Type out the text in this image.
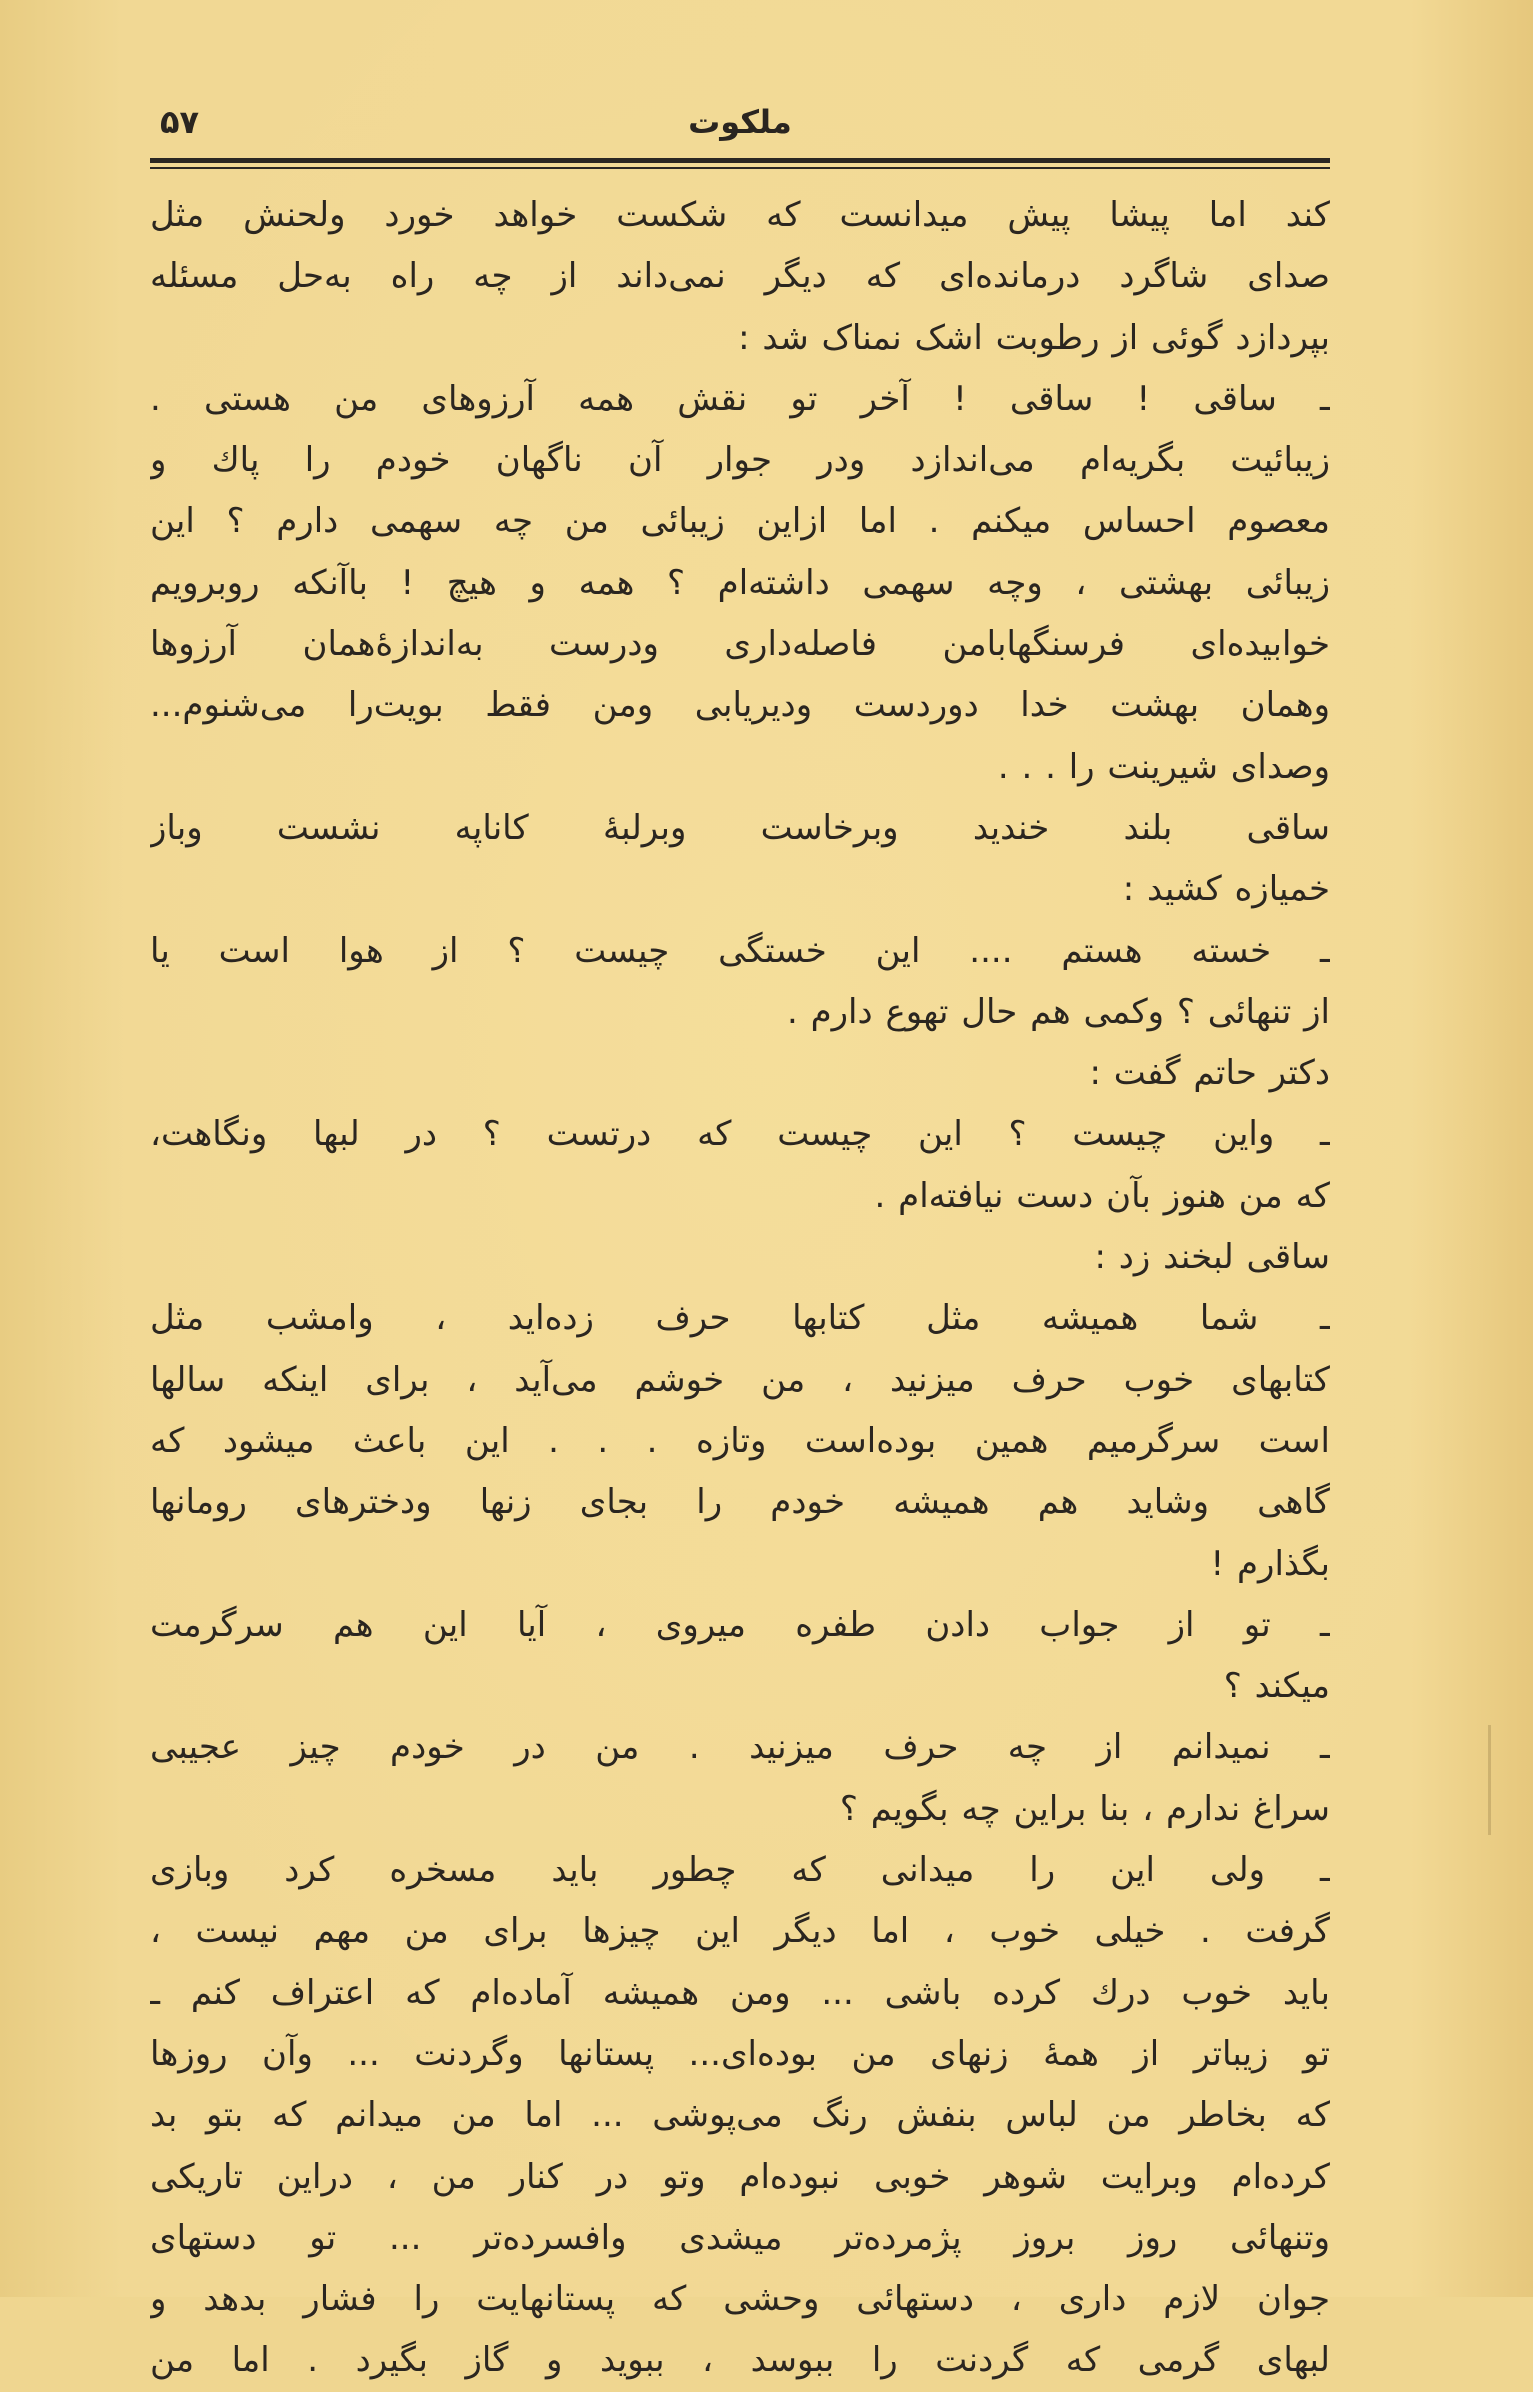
ملکوت
۵۷
کند اما پیشا پیش میدانست که شکست خواهد خورد ولحنش مثل
صدای شاگرد درمانده‌ای که دیگر نمی‌داند از چه راه به‌حل مسئله
بپردازد گوئی از رطوبت اشک نمناک شد :
ـ ساقی ! ساقی ! آخر تو نقش همه آرزوهای من هستی .
زیبائیت بگریه‌ام می‌اندازد ودر جوار آن ناگهان خودم را پاك و
معصوم احساس میکنم . اما ازاین زیبائی من چه سهمی دارم ؟ این
زیبائی بهشتی ، وچه سهمی داشته‌ام ؟ همه و هیچ ! باآنکه روبرویم
خوابیده‌ای فرسنگهابامن فاصله‌داری ودرست به‌اندازهٔ‌همان آرزوها
وهمان بهشت خدا دوردست ودیریابی ومن فقط بویت‌را می‌شنوم...
وصدای شیرینت را . . .
ساقی بلند خندید وبرخاست وبرلبهٔ کاناپه نشست وباز
خمیازه کشید :
ـ خسته هستم .... این خستگی چیست ؟ از هوا است یا
از تنهائی ؟ وکمی هم حال تهوع دارم .
دکتر حاتم گفت :
ـ واین چیست ؟ این چیست که درتست ؟ در لبها ونگاهت،
که من هنوز بآن دست نیافته‌ام .
ساقی لبخند زد :
ـ شما همیشه مثل کتابها حرف زده‌اید ، وامشب مثل
کتابهای خوب حرف میزنید ، من خوشم می‌آید ، برای اینکه سالها
است سرگرمیم همین بوده‌است وتازه . . . این باعث میشود که
گاهی وشاید هم همیشه خودم را بجای زنها ودخترهای رومانها
بگذارم !
ـ تو از جواب دادن طفره میروی ، آیا این هم سرگرمت
میکند ؟
ـ نمیدانم از چه حرف میزنید . من در خودم چیز عجیبی
سراغ ندارم ، بنا براین چه بگویم ؟
ـ ولی این را میدانی که چطور باید مسخره کرد وبازی
گرفت . خیلی خوب ، اما دیگر این چیزها برای من مهم نیست ،
باید خوب درك کرده باشی ... ومن همیشه آماده‌ام که اعتراف کنم ـ
تو زیباتر از همهٔ زنهای من بوده‌ای... پستانها وگردنت ... وآن روزها
که بخاطر من لباس بنفش رنگ می‌پوشی ... اما من میدانم که بتو بد
کرده‌ام وبرایت شوهر خوبی نبوده‌ام وتو در کنار من ، دراین تاریکی
وتنهائی روز بروز پژمرده‌تر میشدی وافسرده‌تر ... تو دستهای
جوان لازم داری ، دستهائی وحشی که پستانهایت را فشار بدهد و
لبهای گرمی که گردنت را ببوسد ، ببوید و گاز بگیرد . اما من
